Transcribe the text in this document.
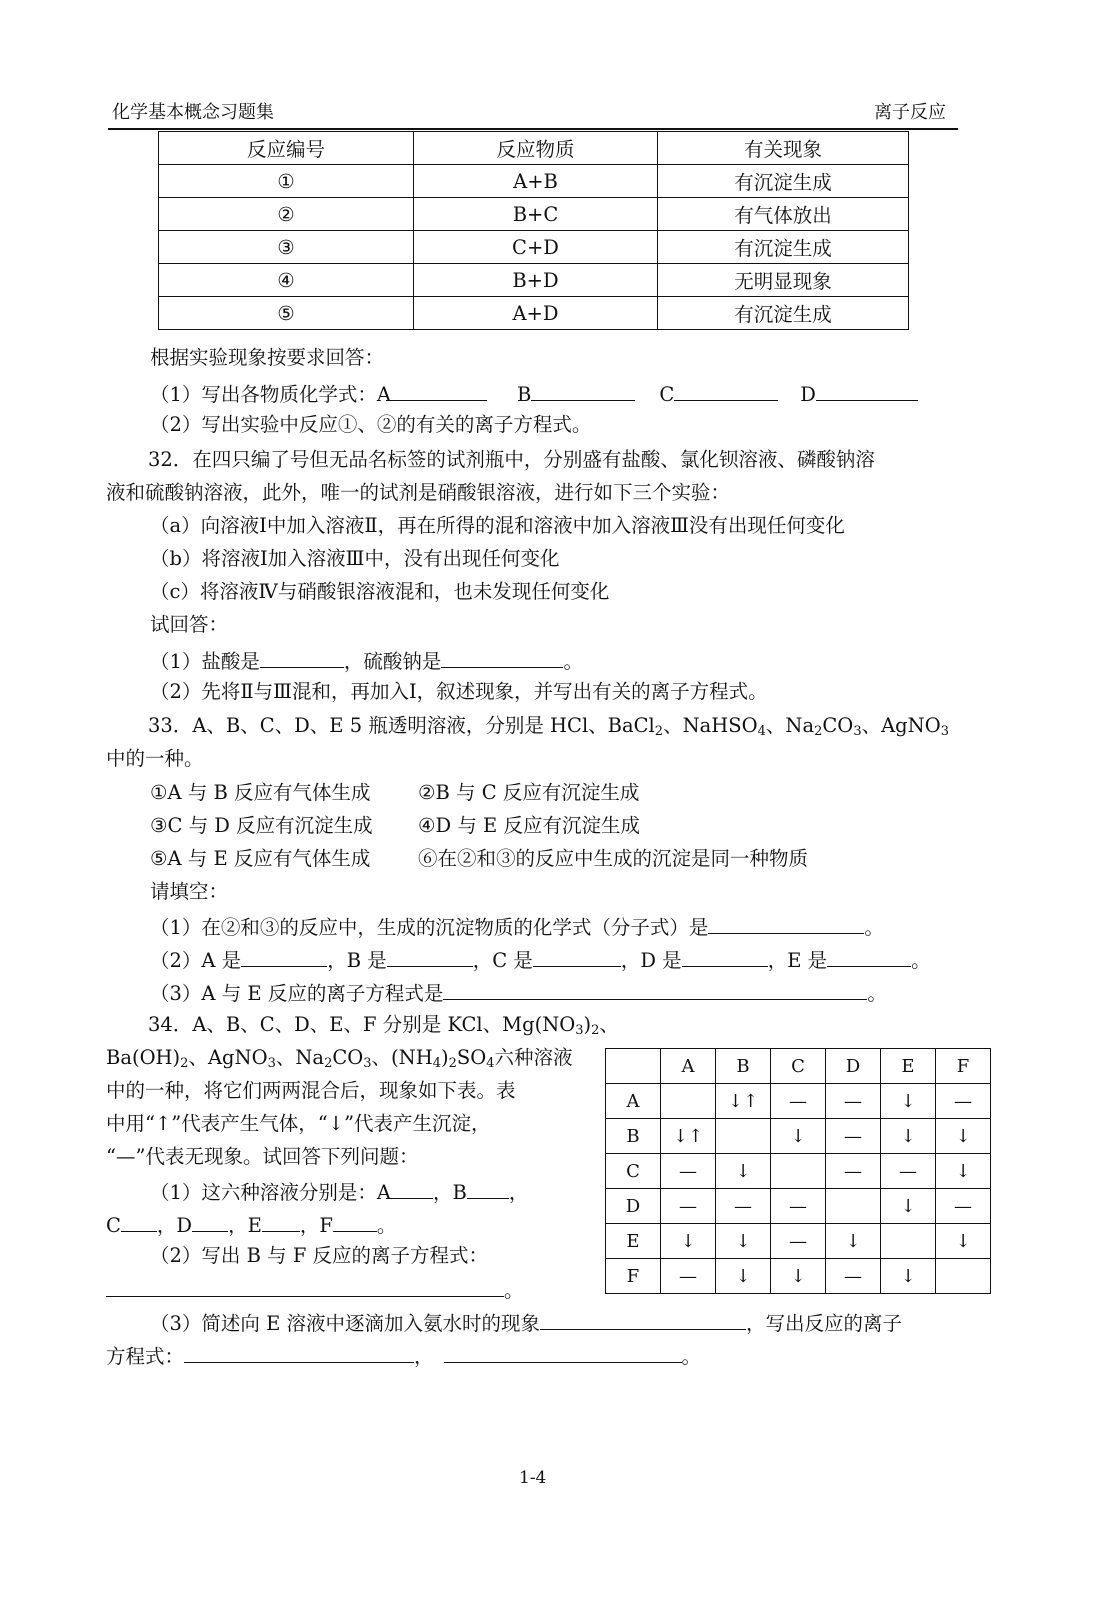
化学基本概念习题集	离子反应
反应编号	反应物质	有关现象
①	A+B	有沉淀生成
②	B+C	有气体放出
③	C+D	有沉淀生成
④	B+D	无明显现象
⑤	A+D	有沉淀生成
根据实验现象按要求回答：
（1）写出各物质化学式：A	B	C	D
（2）写出实验中反应①、②的有关的离子方程式。
32．在四只编了号但无品名标签的试剂瓶中，分别盛有盐酸、氯化钡溶液、磷酸钠溶
液和硫酸钠溶液，此外，唯一的试剂是硝酸银溶液，进行如下三个实验：
（a）向溶液Ⅰ中加入溶液Ⅱ，再在所得的混和溶液中加入溶液Ⅲ没有出现任何变化
（b）将溶液Ⅰ加入溶液Ⅲ中，没有出现任何变化
（c）将溶液Ⅳ与硝酸银溶液混和，也未发现任何变化
试回答：
（1）盐酸是	，硫酸钠是	。
（2）先将Ⅱ与Ⅲ混和，再加入Ⅰ，叙述现象，并写出有关的离子方程式。
33．A、B、C、D、E 5 瓶透明溶液，分别是 HCl、BaCl$_2$、NaHSO$_4$、$Na_2CO_3$、AgNO$_3$
中的一种。
①A 与 B 反应有气体生成 ②B 与 C 反应有沉淀生成
③C 与 D 反应有沉淀生成 ④D 与 E 反应有沉淀生成
⑤A 与 E 反应有气体生成 ⑥在②和③的反应中生成的沉淀是同一种物质
请填空：
（1）在②和③的反应中，生成的沉淀物质的化学式（分子式）是	。
（2）A 是	，B 是	，C 是	，D 是	，E 是	。
（3）A 与 E 反应的离子方程式是	。
34．A、B、C、D、E、F 分别是 KCl、$Mg(NO_3)_2$、
$Ba(OH)_2$、AgNO$_3$、$Na_2CO_3$、$(NH_4)_2SO_4$六种溶液
中的一种，将它们两两混合后，现象如下表。表
中用“↑”代表产生气体，“↓”代表产生沉淀，
“—”代表无现象。试回答下列问题：
（1）这六种溶液分别是：A ，B ，
C ，D ，E ，F 。
（2）写出 B 与 F 反应的离子方程式：
。
（3）简述向 E 溶液中逐滴加入氨水时的现象	，写出反应的离子
方程式：	，	。
	A	B	C	D	E	F
A		↓↑	—	—	↓	—
B	↓↑		↓	—	↓	↓
C	—	↓		—	—	↓
D	—	—	—		↓	—
E	↓	↓	—	↓		↓
F	—	↓	↓	—	↓	
1-4
